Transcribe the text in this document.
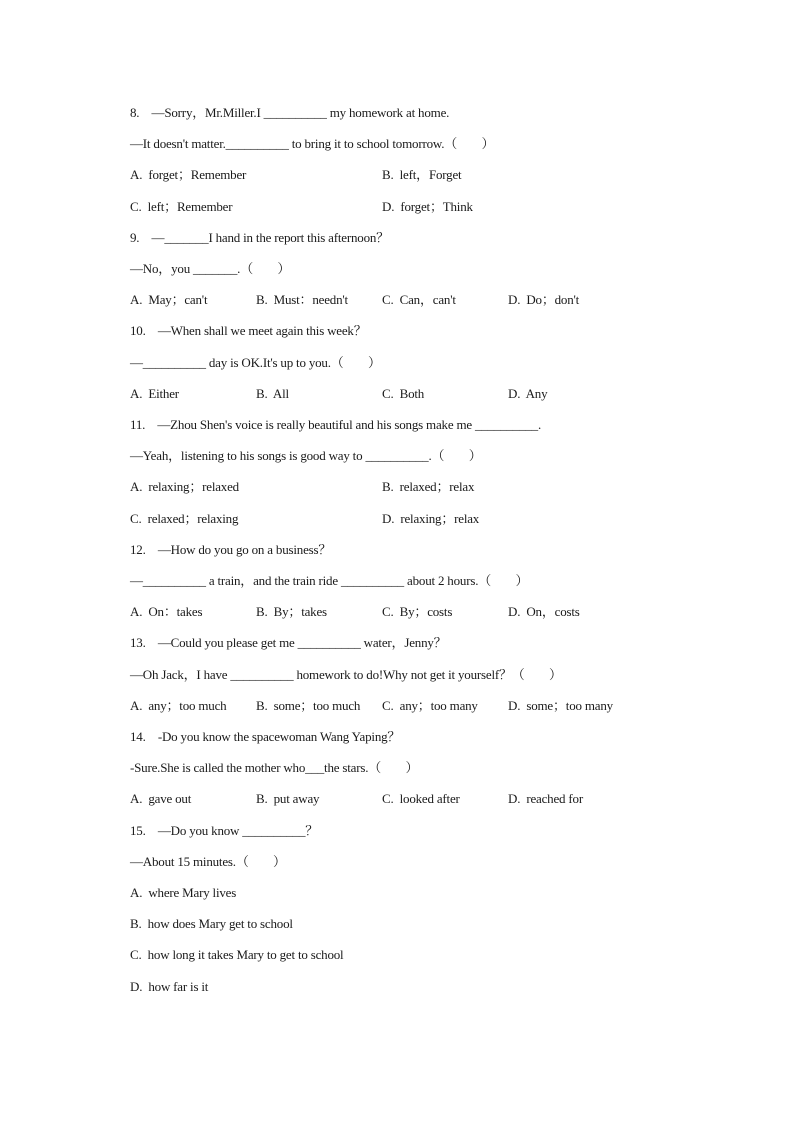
8.    —Sorry，Mr.Miller.I __________ my homework at home.
—It doesn't matter.__________ to bring it to school tomorrow.（        ）
A.  forget；Remember	B.  left，Forget
C.  left；Remember	D.  forget；Think
9.    —_______I hand in the report this afternoon？
—No，you _______.（        ）
A.  May；can't	B.  Must：needn't	C.  Can，can't	D.  Do；don't
10.    —When shall we meet again this week？
—__________ day is OK.It's up to you.（        ）
A.  Either	B.  All	C.  Both	D.  Any
11.    —Zhou Shen's voice is really beautiful and his songs make me __________.
—Yeah，listening to his songs is good way to __________.（        ）
A.  relaxing；relaxed	B.  relaxed；relax
C.  relaxed；relaxing	D.  relaxing；relax
12.    —How do you go on a business？
—__________ a train，and the train ride __________ about 2 hours.（        ）
A.  On：takes	B.  By；takes	C.  By；costs	D.  On，costs
13.    —Could you please get me __________ water，Jenny？
—Oh Jack，I have __________ homework to do!Why not get it yourself？（        ）
A.  any；too much B.  some；too much C.  any；too many D.  some；too many
14.    -Do you know the spacewoman Wang Yaping？
-Sure.She is called the mother who___the stars.（        ）
A.  gave out	B.  put away	C.  looked after	D.  reached for
15.    —Do you know __________？
—About 15 minutes.（        ）
A.  where Mary lives
B.  how does Mary get to school
C.  how long it takes Mary to get to school
D.  how far is it
